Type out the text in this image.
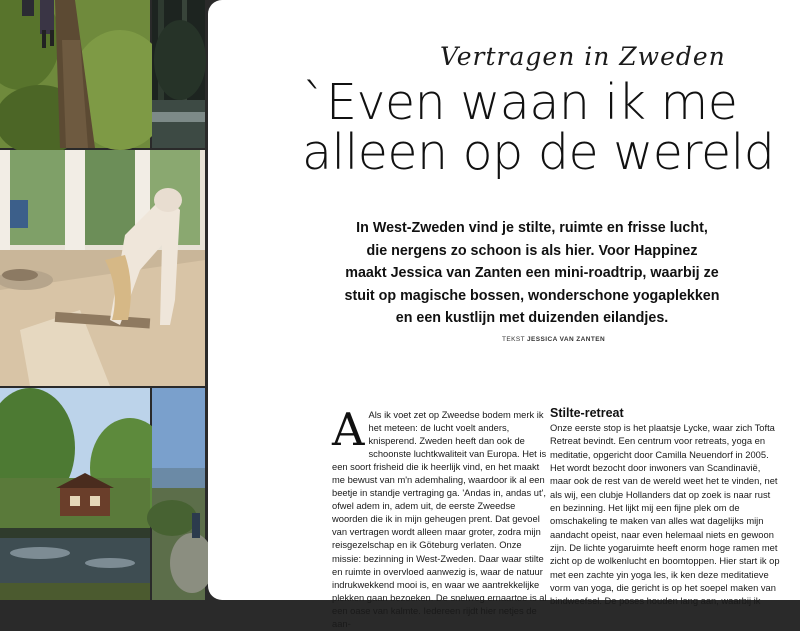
Vertragen in Zweden
`Even waan ik me
alleen op de wereld
In West-Zweden vind je stilte, ruimte en frisse lucht, die nergens zo schoon is als hier. Voor Happinez maakt Jessica van Zanten een mini-roadtrip, waarbij ze stuit op magische bossen, wonderschone yogaplekken en een kustlijn met duizenden eilandjes.
TEKST JESSICA VAN ZANTEN
A Als ik voet zet op Zweedse bodem merk ik het meteen: de lucht voelt anders, knisperend. Zweden heeft dan ook de schoonste luchtkwaliteit van Europa. Het is een soort frisheid die ik heerlijk vind, en het maakt me bewust van m'n ademhaling, waardoor ik al een beetje in standje vertraging ga. 'Andas in, andas ut', ofwel adem in, adem uit, de eerste Zweedse woorden die ik in mijn geheugen prent. Dat gevoel van vertragen wordt alleen maar groter, zodra mijn reisgezelschap en ik Göteburg verlaten. Onze missie: bezinning in West-Zweden. Daar waar stilte en ruimte in overvloed aanwezig is, waar de natuur indrukwekkend mooi is, en waar we aantrekkelijke plekken gaan bezoeken. De snelweg ernaartoe is al een oase van kalmte. Iedereen rijdt hier netjes de aan-

Stilte-retreat

Onze eerste stop is het plaatsje Lycke, waar zich Tofta Retreat bevindt. Een centrum voor retreats, yoga en meditatie, opgericht door Camilla Neuendorf in 2005. Het wordt bezocht door inwoners van Scandinavië, maar ook de rest van de wereld weet het te vinden, net als wij, een clubje Hollanders dat op zoek is naar rust en bezinning. Het lijkt mij een fijne plek om de omschakeling te maken van alles wat dagelijks mijn aandacht opeist, naar even helemaal niets en gewoon zijn. De lichte yogaruimte heeft enorm hoge ramen met zicht op de wolkenlucht en boomtoppen. Hier start ik op met een zachte yin yoga les, ik ken deze meditatieve vorm van yoga, die gericht is op het soepel maken van bindweefsel. De poses houden lang aan, waarbij ik
